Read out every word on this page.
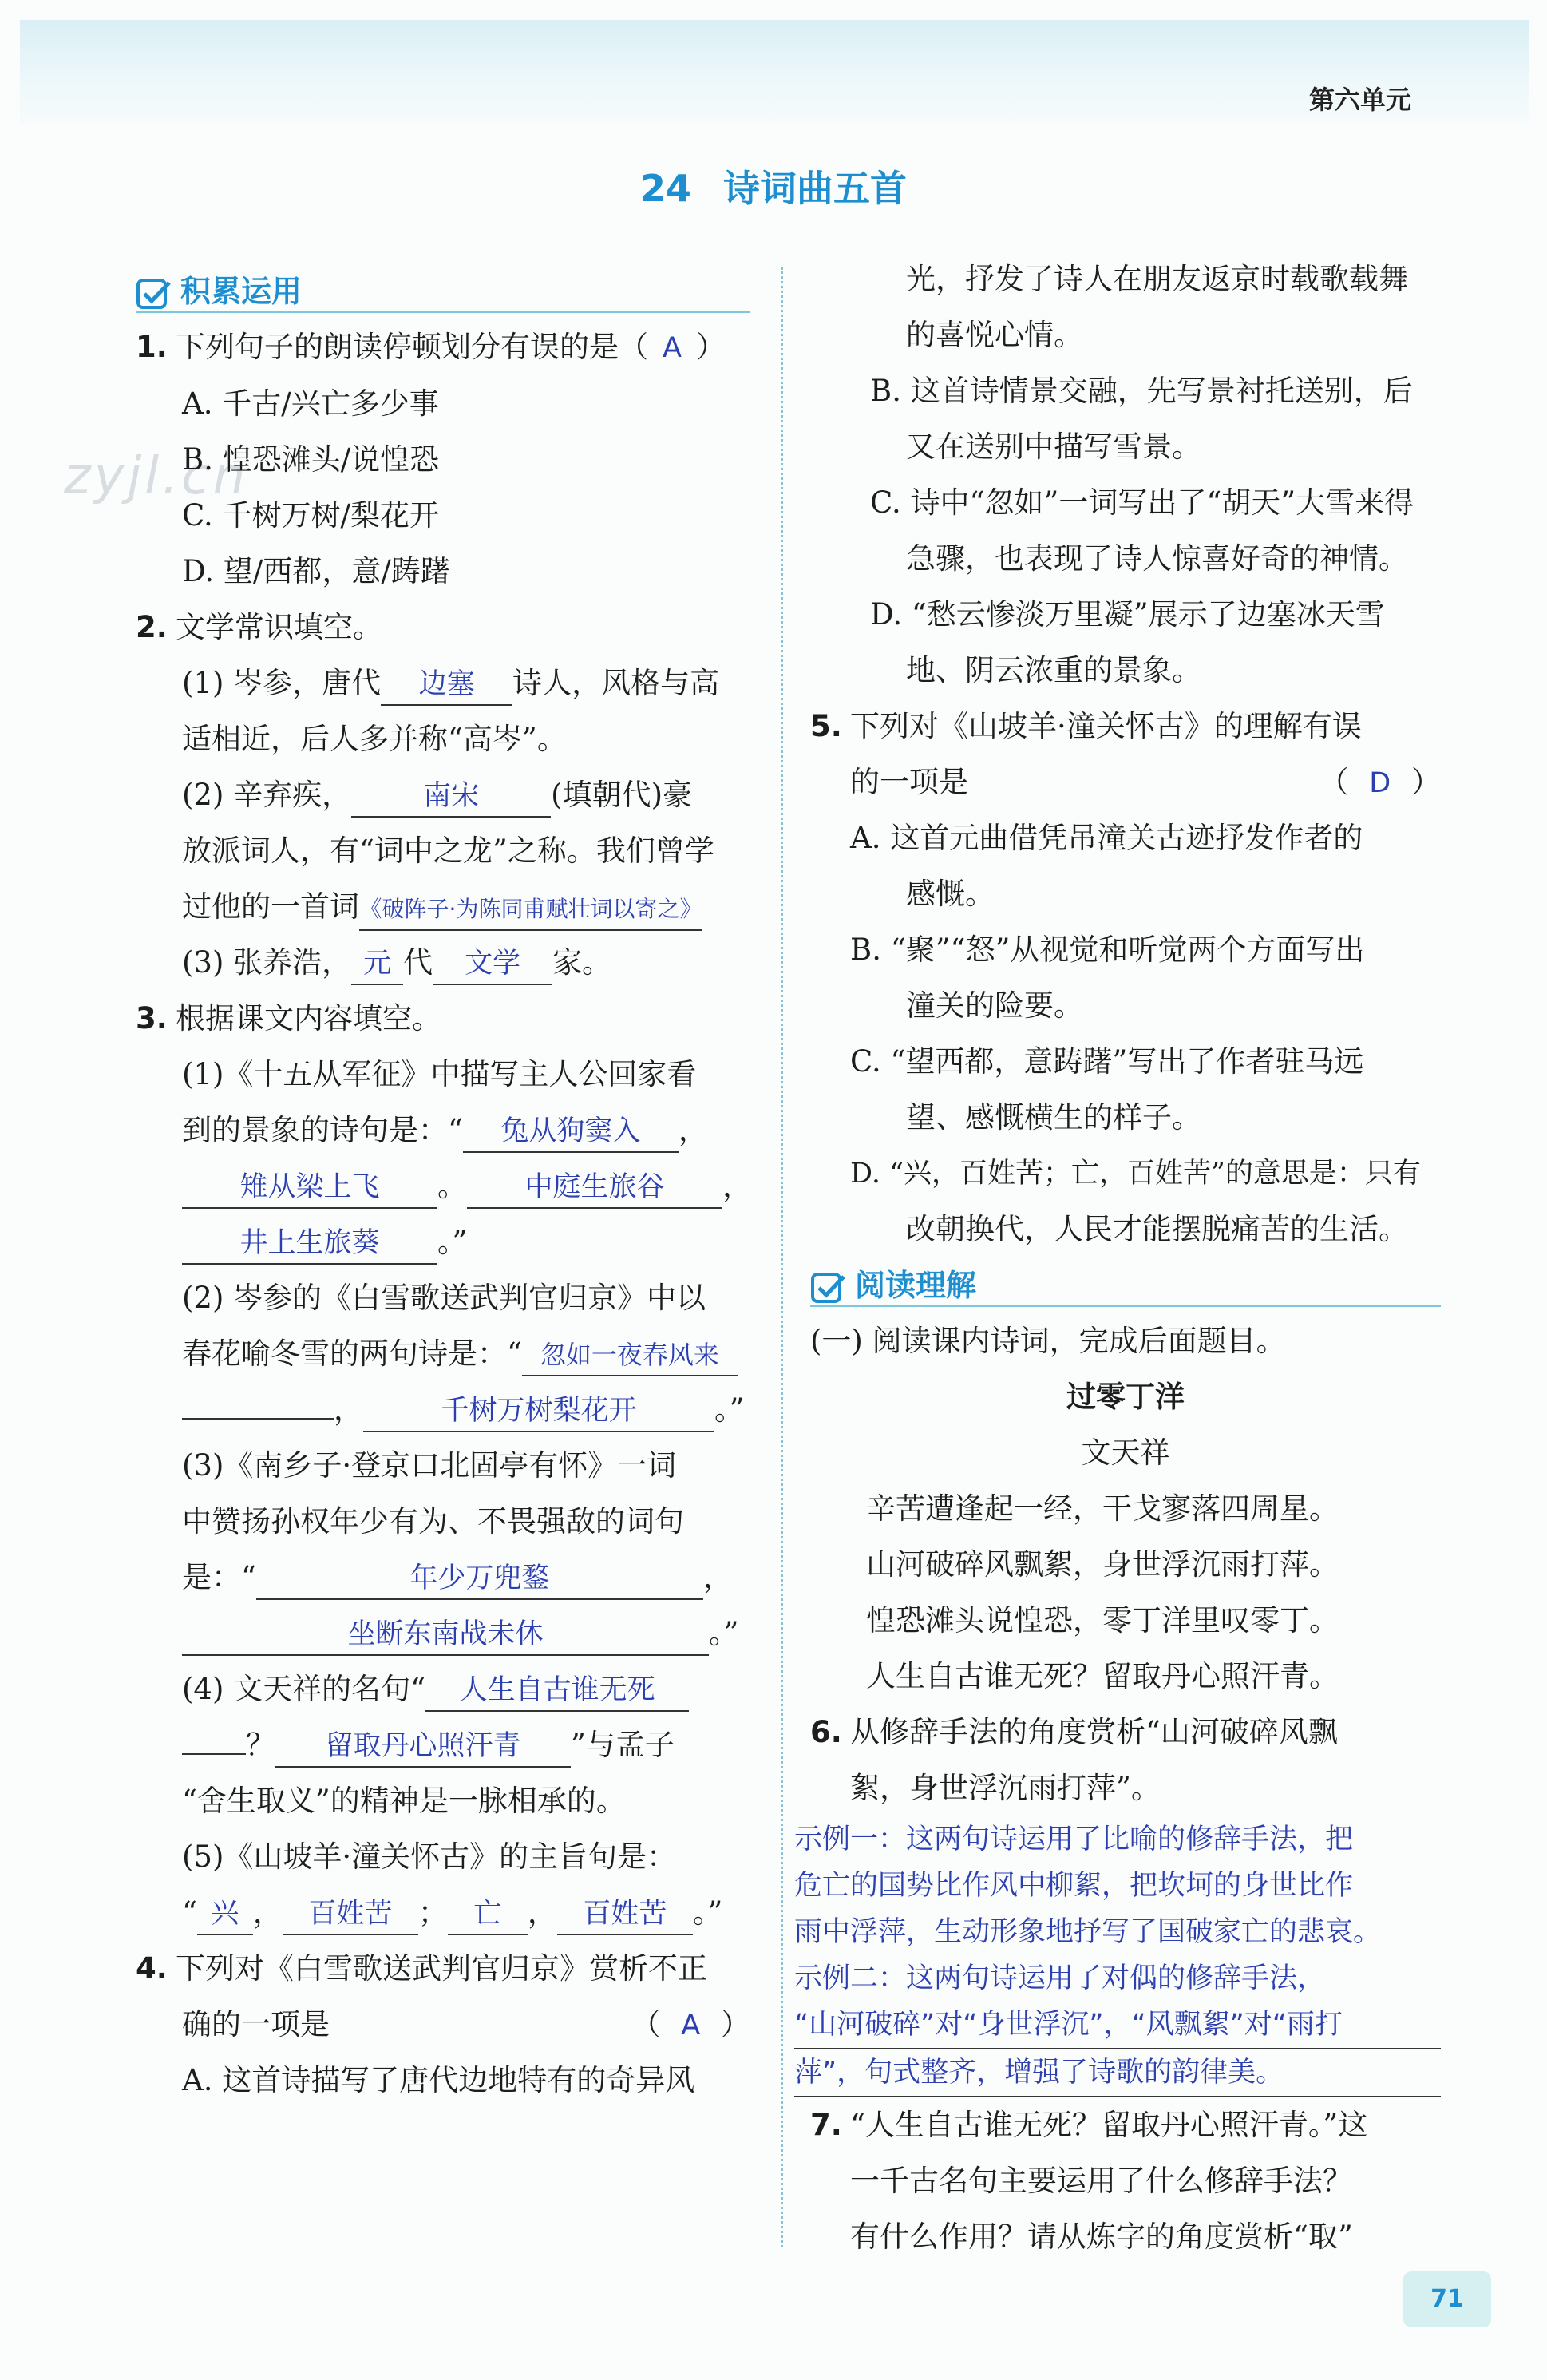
第六单元
24 诗词曲五首
zyjl.cn
积累运用
1. 下列句子的朗读停顿划分有误的是（ A ）
A. 千古/兴亡多少事
B. 惶恐滩头/说惶恐
C. 千树万树/梨花开
D. 望/西都，意/踌躇
2. 文学常识填空。
(1) 岑参，唐代 边塞 诗人，风格与高
适相近，后人多并称“高岑”。
(2) 辛弃疾，	南宋 (填朝代)豪
放派词人，有“词中之龙”之称。我们曾学
过他的一首词《破阵子·为陈同甫赋壮词以寄之》
(3) 张养浩， 元 代 文学 家。
3. 根据课文内容填空。
(1)《十五从军征》中描写主人公回家看
到的景象的诗句是：“ 兔从狗窦入 ，
雉从梁上飞 。 中庭生旅谷 ，
井上生旅葵 。”
(2) 岑参的《白雪歌送武判官归京》中以
春花喻冬雪的两句诗是：“ 忽如一夜春风来
，	千树万树梨花开	。”
(3)《南乡子·登京口北固亭有怀》一词
中赞扬孙权年少有为、不畏强敌的词句
是：“	年少万兜鍪	，
坐断东南战未休	。”
(4) 文天祥的名句“ 人生自古谁无死
？ 留取丹心照汗青 ”与孟子
“舍生取义”的精神是一脉相承的。
(5)《山坡羊·潼关怀古》的主旨句是：
“ 兴 ， 百姓苦 ； 亡 ， 百姓苦 。”
4. 下列对《白雪歌送武判官归京》赏析不正
确的一项是	（ A ）
A. 这首诗描写了唐代边地特有的奇异风
光，抒发了诗人在朋友返京时载歌载舞
的喜悦心情。
B. 这首诗情景交融，先写景衬托送别，后
又在送别中描写雪景。
C. 诗中“忽如”一词写出了“胡天”大雪来得
急骤，也表现了诗人惊喜好奇的神情。
D. “愁云惨淡万里凝”展示了边塞冰天雪
地、阴云浓重的景象。
5. 下列对《山坡羊·潼关怀古》的理解有误
的一项是	（ D ）
A. 这首元曲借凭吊潼关古迹抒发作者的
感慨。
B. “聚”“怒”从视觉和听觉两个方面写出
潼关的险要。
C. “望西都，意踌躇”写出了作者驻马远
望、感慨横生的样子。
D. “兴，百姓苦；亡，百姓苦”的意思是：只有
改朝换代，人民才能摆脱痛苦的生活。
阅读理解
(一) 阅读课内诗词，完成后面题目。
过零丁洋
文天祥
辛苦遭逢起一经，干戈寥落四周星。
山河破碎风飘絮，身世浮沉雨打萍。
惶恐滩头说惶恐，零丁洋里叹零丁。
人生自古谁无死？留取丹心照汗青。
6. 从修辞手法的角度赏析“山河破碎风飘
絮，身世浮沉雨打萍”。
示例一：这两句诗运用了比喻的修辞手法，把
危亡的国势比作风中柳絮，把坎坷的身世比作
雨中浮萍，生动形象地抒写了国破家亡的悲哀。
示例二：这两句诗运用了对偶的修辞手法，
“山河破碎”对“身世浮沉”，“风飘絮”对“雨打
萍”，句式整齐，增强了诗歌的韵律美。
7. “人生自古谁无死？留取丹心照汗青。”这
一千古名句主要运用了什么修辞手法？
有什么作用？请从炼字的角度赏析“取”
71
